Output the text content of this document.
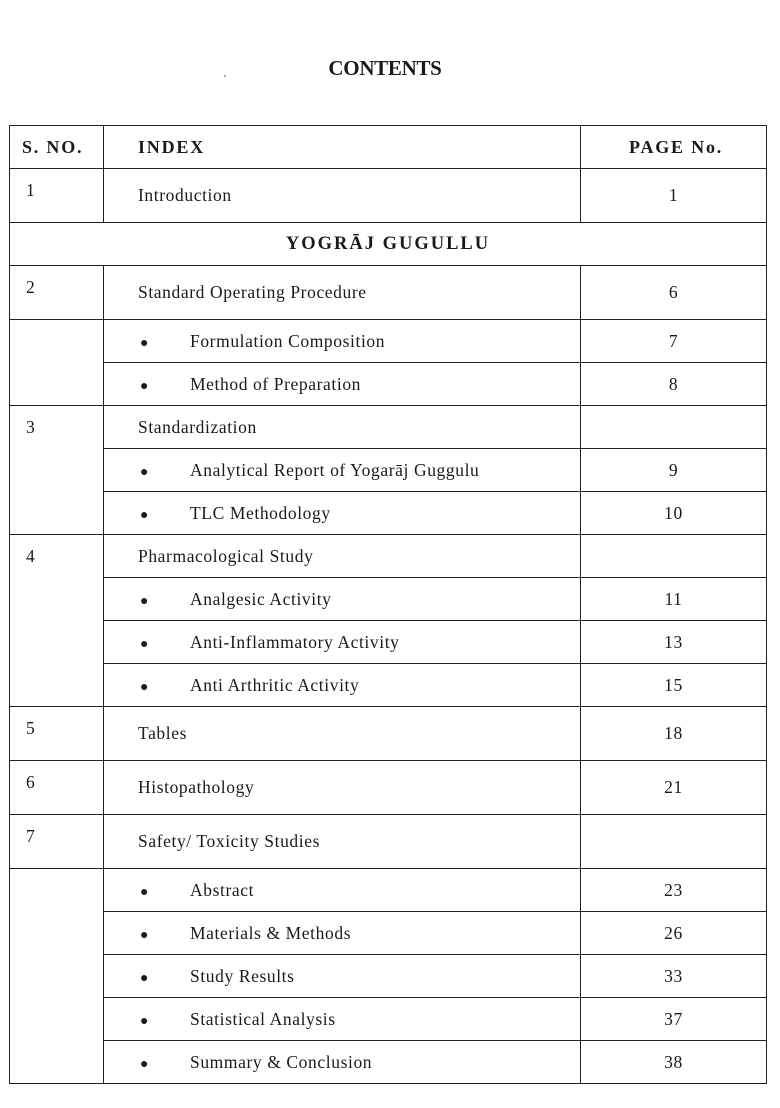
CONTENTS
S. NO.	INDEX	PAGE No.
1	Introduction	1
YOGRĀJ GUGULLU		
2	Standard Operating Procedure	6
	● Formulation Composition	7
	● Method of Preparation	8
3	Standardization	
	● Analytical Report of Yogarāj Guggulu	9
	● TLC Methodology	10
4	Pharmacological Study	
	● Analgesic Activity	11
	● Anti-Inflammatory Activity	13
	● Anti Arthritic Activity	15
5	Tables	18
6	Histopathology	21
7	Safety/ Toxicity Studies	
	● Abstract	23
	● Materials & Methods	26
	● Study Results	33
	● Statistical Analysis	37
	● Summary & Conclusion	38
